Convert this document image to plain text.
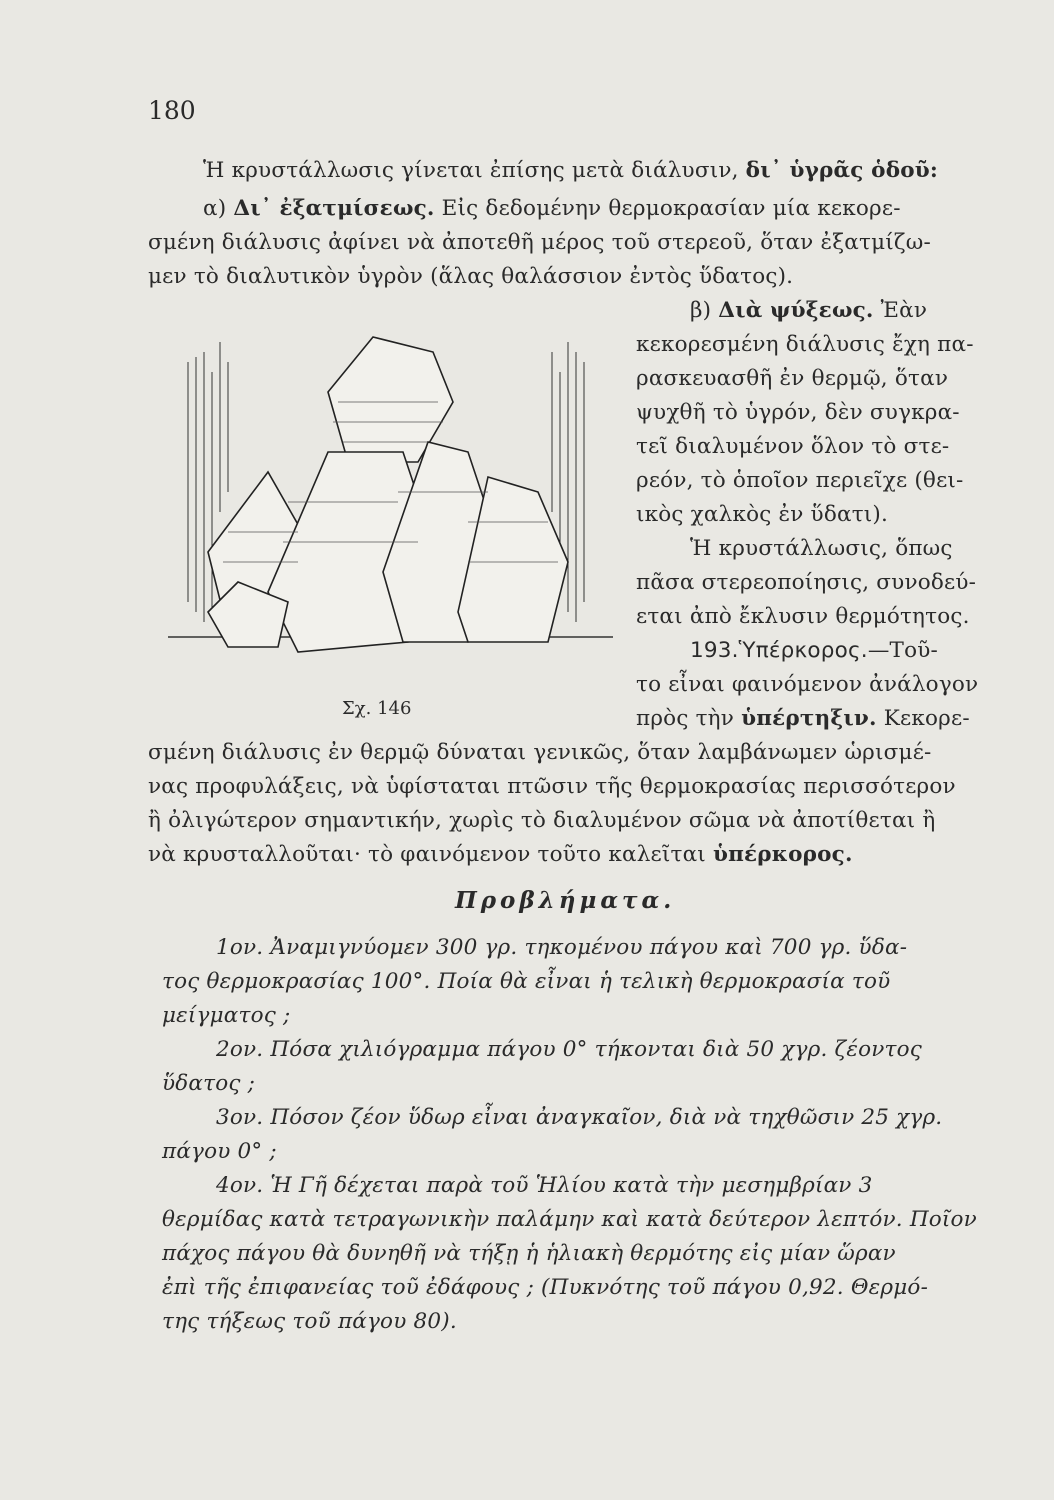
180
Ἡ κρυστάλλωσις γίνεται ἐπίσης μετὰ διάλυσιν, δι᾽ ὑγρᾶς ὁδοῦ:
α) Δι᾽ ἐξατμίσεως. Εἰς δεδομένην θερμοκρασίαν μία κεκορε-
σμένη διάλυσις ἀφίνει νὰ ἀποτεθῆ μέρος τοῦ στερεοῦ, ὅταν ἐξατμίζω-
μεν τὸ διαλυτικὸν ὑγρὸν (ἅλας θαλάσσιον ἐντὸς ὕδατος).
β) Διὰ ψύξεως. Ἐὰν
κεκορεσμένη διάλυσις ἔχη πα-
ρασκευασθῆ ἐν θερμῷ, ὅταν
ψυχθῆ τὸ ὑγρόν, δὲν συγκρα-
τεῖ διαλυμένον ὅλον τὸ στε-
ρεόν, τὸ ὁποῖον περιεῖχε (θει-
ικὸς χαλκὸς ἐν ὕδατι).
Ἡ κρυστάλλωσις, ὅπως
πᾶσα στερεοποίησις, συνοδεύ-
εται ἀπὸ ἔκλυσιν θερμότητος.
193.Ὑπέρκορος.—Τοῦ-
το εἶναι φαινόμενον ἀνάλογον
πρὸς τὴν ὑπέρτηξιν. Κεκορε-
σμένη διάλυσις ἐν θερμῷ δύναται γενικῶς, ὅταν λαμβάνωμεν ὡρισμέ-
νας προφυλάξεις, νὰ ὑφίσταται πτῶσιν τῆς θερμοκρασίας περισσότερον
ἢ ὀλιγώτερον σημαντικήν, χωρὶς τὸ διαλυμένον σῶμα νὰ ἀποτίθεται ἢ
νὰ κρυσταλλοῦται· τὸ φαινόμενον τοῦτο καλεῖται ὑπέρκορος.
Σχ. 146
Προβλήματα.
1ον. Ἀναμιγνύομεν 300 γρ. τηκομένου πάγου καὶ 700 γρ. ὕδα-
τος θερμοκρασίας 100°. Ποία θὰ εἶναι ἡ τελικὴ θερμοκρασία τοῦ
μείγματος ;
2ον. Πόσα χιλιόγραμμα πάγου 0° τήκονται διὰ 50 χγρ. ζέοντος
ὕδατος ;
3ον. Πόσον ζέον ὕδωρ εἶναι ἀναγκαῖον, διὰ νὰ τηχθῶσιν 25 χγρ.
πάγου 0° ;
4ον. Ἡ Γῆ δέχεται παρὰ τοῦ Ἡλίου κατὰ τὴν μεσημβρίαν 3
θερμίδας κατὰ τετραγωνικὴν παλάμην καὶ κατὰ δεύτερον λεπτόν. Ποῖον
πάχος πάγου θὰ δυνηθῆ νὰ τήξῃ ἡ ἡλιακὴ θερμότης εἰς μίαν ὥραν
ἐπὶ τῆς ἐπιφανείας τοῦ ἐδάφους ; (Πυκνότης τοῦ πάγου 0,92. Θερμό-
της τήξεως τοῦ πάγου 80).
